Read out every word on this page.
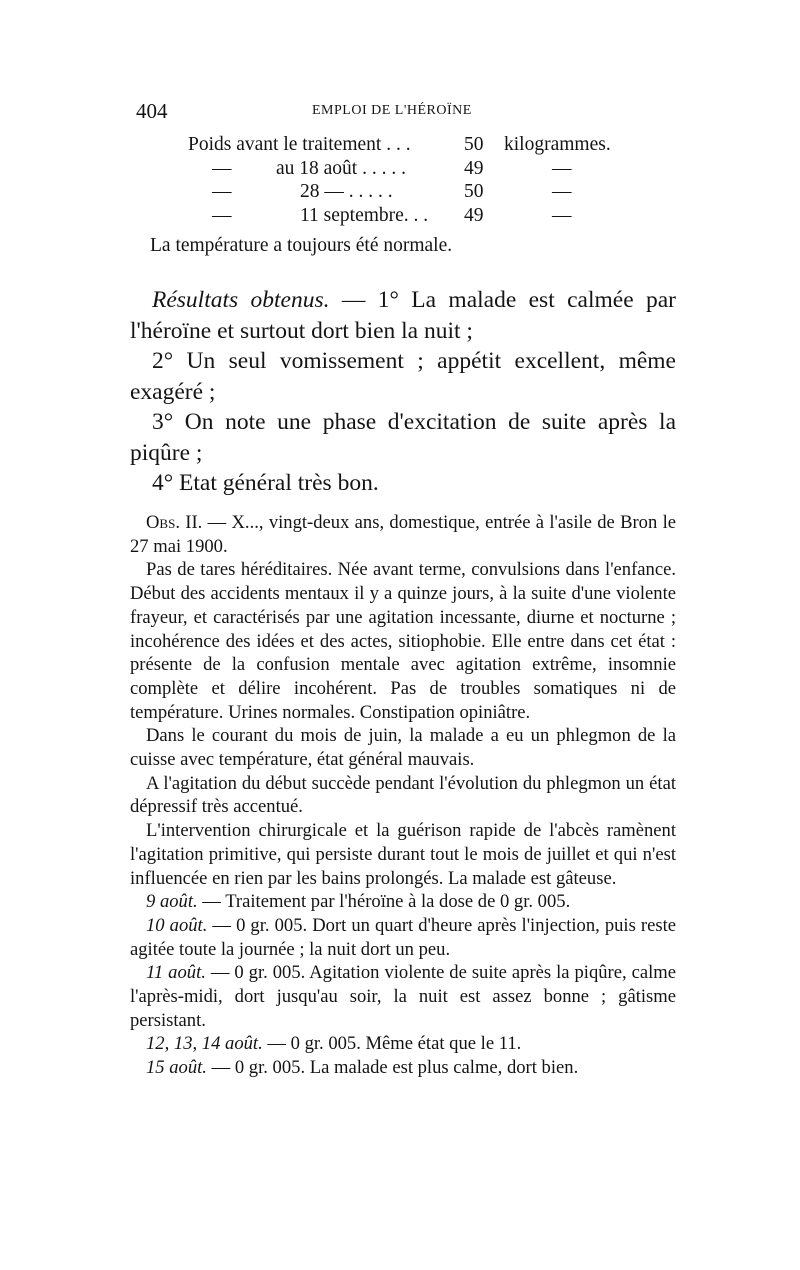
404	EMPLOI DE L'HÉROÏNE
Poids avant le traitement . . .	50 kilogrammes.
— au 18 août . . . . .	49	—
—	28 — . . . . .	50	—
—	11 septembre. . . 49	—
La température a toujours été normale.

Résultats obtenus. — 1° La malade est calmée par l'héroïne et surtout dort bien la nuit ;

2° Un seul vomissement ; appétit excellent, même exagéré ;

3° On note une phase d'excitation de suite après la piqûre ;

4° Etat général très bon.

Obs. II. — X..., vingt-deux ans, domestique, entrée à l'asile de Bron le 27 mai 1900.

Pas de tares héréditaires. Née avant terme, convulsions dans l'enfance. Début des accidents mentaux il y a quinze jours, à la suite d'une violente frayeur, et caractérisés par une agitation incessante, diurne et nocturne ; incohérence des idées et des actes, sitiophobie. Elle entre dans cet état : présente de la confusion mentale avec agitation extrême, insomnie complète et délire incohérent. Pas de troubles somatiques ni de température. Urines normales. Constipation opiniâtre.

Dans le courant du mois de juin, la malade a eu un phlegmon de la cuisse avec température, état général mauvais.

A l'agitation du début succède pendant l'évolution du phlegmon un état dépressif très accentué.

L'intervention chirurgicale et la guérison rapide de l'abcès ramènent l'agitation primitive, qui persiste durant tout le mois de juillet et qui n'est influencée en rien par les bains prolongés. La malade est gâteuse.

9 août. — Traitement par l'héroïne à la dose de 0 gr. 005.

10 août. — 0 gr. 005. Dort un quart d'heure après l'injection, puis reste agitée toute la journée ; la nuit dort un peu.

11 août. — 0 gr. 005. Agitation violente de suite après la piqûre, calme l'après-midi, dort jusqu'au soir, la nuit est assez bonne ; gâtisme persistant.

12, 13, 14 août. — 0 gr. 005. Même état que le 11.

15 août. — 0 gr. 005. La malade est plus calme, dort bien.
